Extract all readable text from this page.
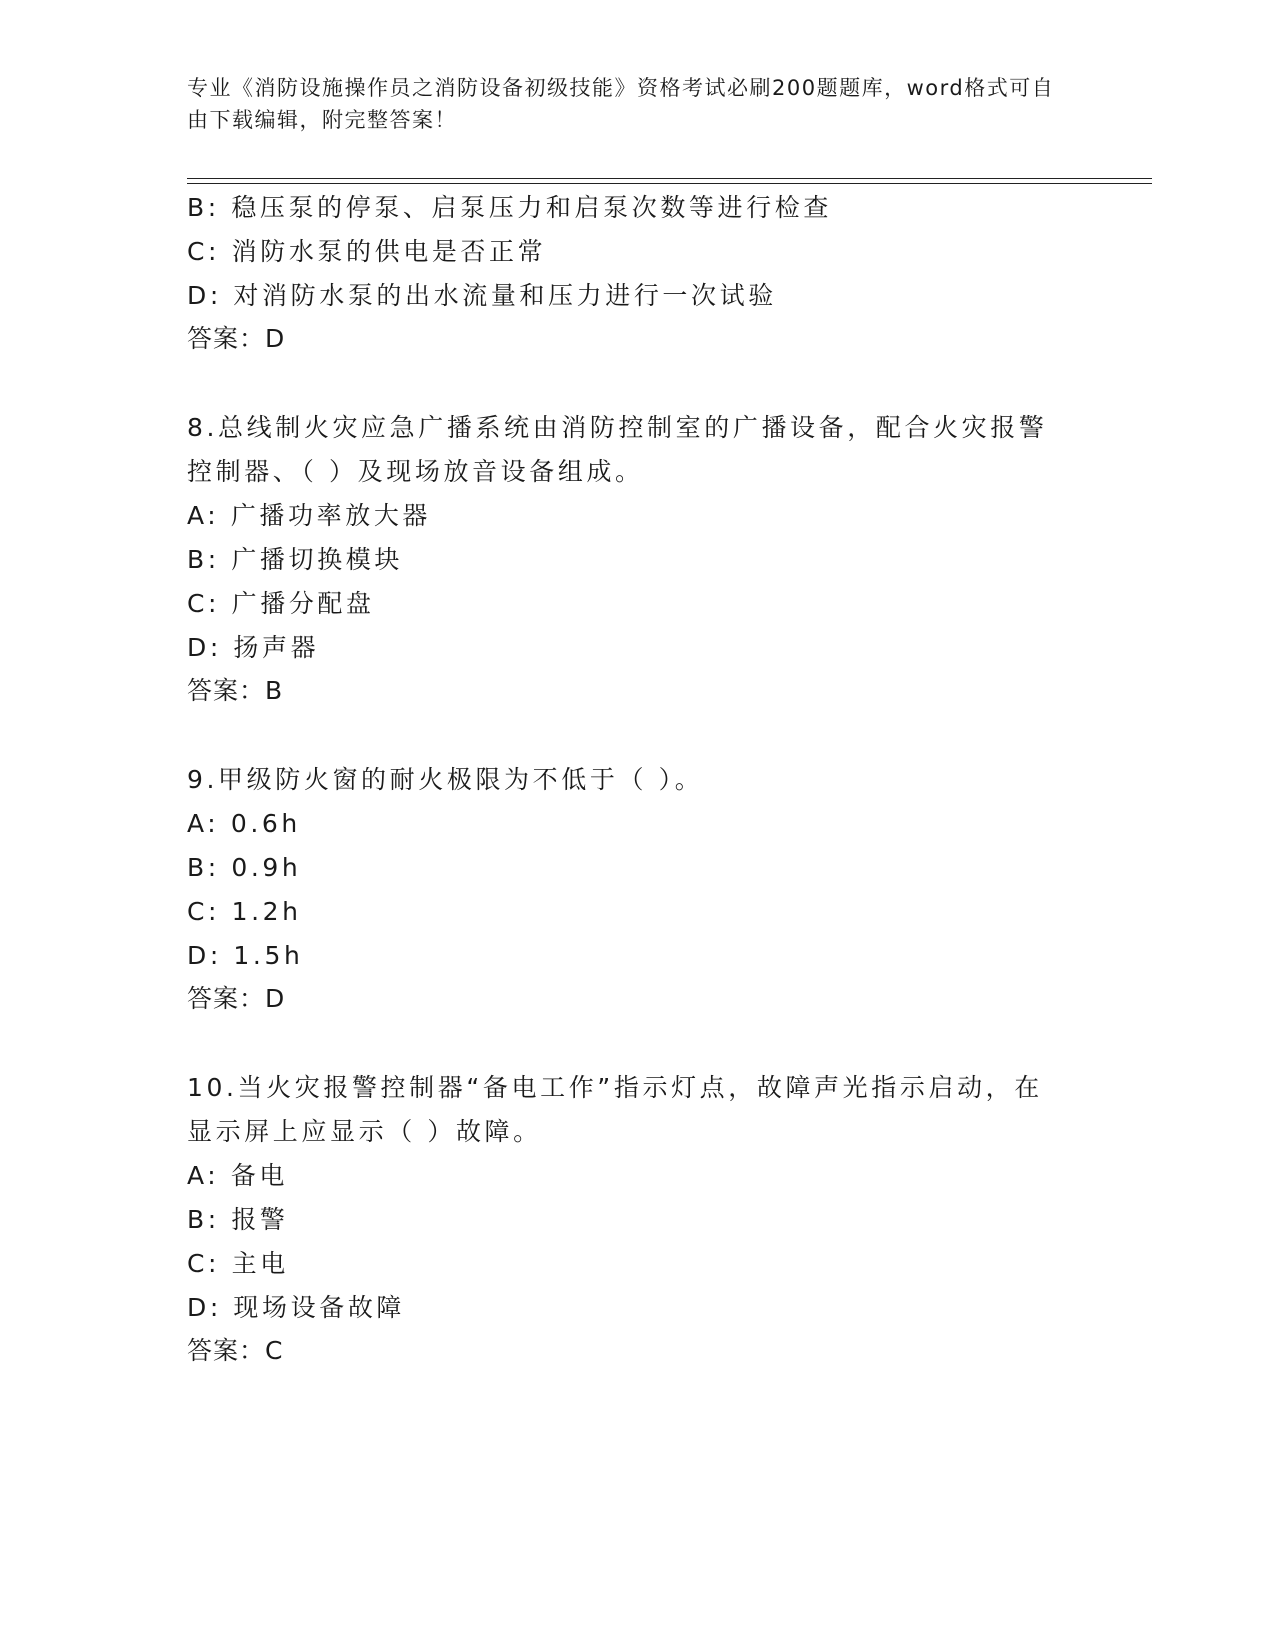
专业《消防设施操作员之消防设备初级技能》资格考试必刷200题题库，word格式可自由下载编辑，附完整答案！
B: 稳压泵的停泵、启泵压力和启泵次数等进行检查
C: 消防水泵的供电是否正常
D: 对消防水泵的出水流量和压力进行一次试验
答案：D
8.总线制火灾应急广播系统由消防控制室的广播设备，配合火灾报警
控制器、（ ）及现场放音设备组成。
A: 广播功率放大器
B: 广播切换模块
C: 广播分配盘
D: 扬声器
答案：B
9.甲级防火窗的耐火极限为不低于（ ）。
A: 0.6h
B: 0.9h
C: 1.2h
D: 1.5h
答案：D
10.当火灾报警控制器“备电工作”指示灯点，故障声光指示启动，在
显示屏上应显示（ ）故障。
A: 备电
B: 报警
C: 主电
D: 现场设备故障
答案：C
